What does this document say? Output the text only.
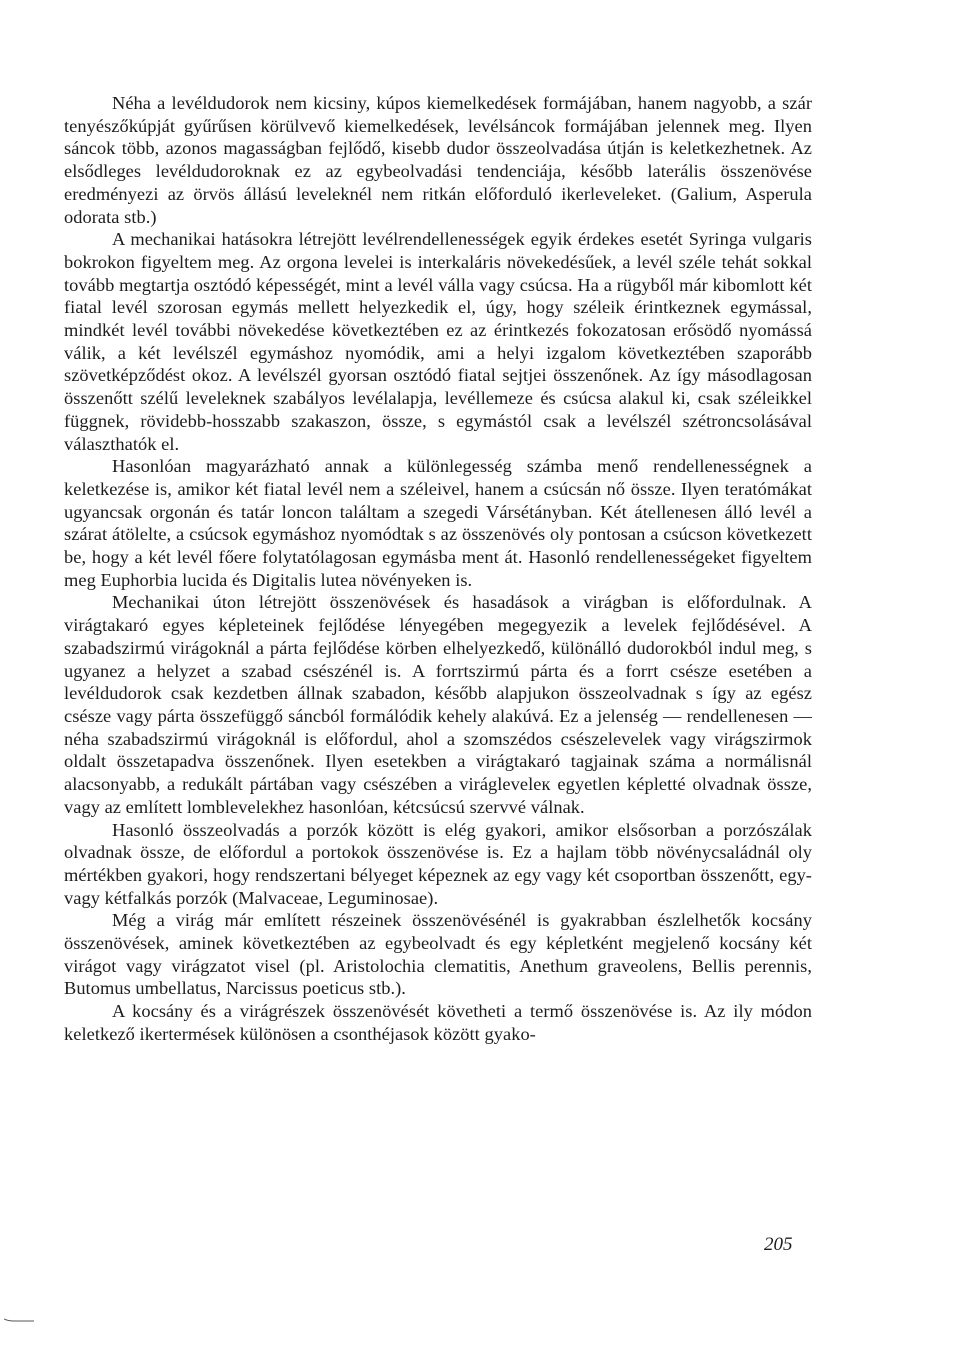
Néha a levéldudorok nem kicsiny, kúpos kiemelkedések formájában, hanem nagyobb, a szár tenyészőkúpját gyűrűsen körülvevő kiemelkedések, levélsáncok formájában jelennek meg. Ilyen sáncok több, azonos magasságban fejlődő, kisebb dudor összeolvadása útján is keletkezhetnek. Az elsődleges levéldudoroknak ez az egybeolvadási tendenciája, később laterális összenövése eredményezi az örvös állású leveleknél nem ritkán előforduló ikerleveleket. (Galium, Asperula odorata stb.)

A mechanikai hatásokra létrejött levélrendellenességek egyik érdekes esetét Syringa vulgaris bokrokon figyeltem meg. Az orgona levelei is interkaláris növekedésűek, a levél széle tehát sokkal tovább megtartja osztódó képességét, mint a levél válla vagy csúcsa. Ha a rügyből már kibomlott két fiatal levél szorosan egymás mellett helyezkedik el, úgy, hogy széleik érintkeznek egymással, mindkét levél további növekedése következtében ez az érintkezés fokozatosan erősödő nyomássá válik, a két levélszél egymáshoz nyomódik, ami a helyi izgalom következtében szaporább szövetképződést okoz. A levélszél gyorsan osztódó fiatal sejtjei összenőnek. Az így másodlagosan összenőtt szélű leveleknek szabályos levélalapja, levéllemeze és csúcsa alakul ki, csak széleikkel függnek, rövidebb-hosszabb szakaszon, össze, s egymástól csak a levélszél szétroncsolásával választhatók el.

Hasonlóan magyarázható annak a különlegesség számba menő rendellenességnek a keletkezése is, amikor két fiatal levél nem a széleivel, hanem a csúcsán nő össze. Ilyen teratómákat ugyancsak orgonán és tatár loncon találtam a szegedi Vársétányban. Két átellenesen álló levél a szárat átölelte, a csúcsok egymáshoz nyomódtak s az összenövés oly pontosan a csúcson következett be, hogy a két levél főere folytatólagosan egymásba ment át. Hasonló rendellenességeket figyeltem meg Euphorbia lucida és Digitalis lutea növényeken is.

Mechanikai úton létrejött összenövések és hasadások a virágban is előfordulnak. A virágtakaró egyes képleteinek fejlődése lényegében megegyezik a levelek fejlődésével. A szabadszirmú virágoknál a párta fejlődése körben elhelyezkedő, különálló dudorokból indul meg, s ugyanez a helyzet a szabad csészénél is. A forrtszirmú párta és a forrt csésze esetében a levéldudorok csak kezdetben állnak szabadon, később alapjukon összeolvadnak s így az egész csésze vagy párta összefüggő sáncból formálódik kehely alakúvá. Ez a jelenség — rendellenesen — néha szabadszirmú virágoknál is előfordul, ahol a szomszédos csészelevelek vagy virágszirmok oldalt összetapadva összenőnek. Ilyen esetekben a virágtakaró tagjainak száma a normálisnál alacsonyabb, a redukált pártában vagy csészében a virágleveleк egyetlen képletté olvadnak össze, vagy az említett lomblevelekhez hasonlóan, kétcsúcsú szervvé válnak.

Hasonló összeolvadás a porzók között is elég gyakori, amikor elsősorban a porzószálak olvadnak össze, de előfordul a portokok összenövése is. Ez a hajlam több növénycsaládnál oly mértékben gyakori, hogy rendszertani bélyeget képeznek az egy vagy két csoportban összenőtt, egy- vagy kétfalkás porzók (Malvaceae, Leguminosae).

Még a virág már említett részeinek összenövésénél is gyakrabban észlelhetők kocsány összenövések, aminek következtében az egybeolvadt és egy képletként megjelenő kocsány két virágot vagy virágzatot visel (pl. Aristolochia clematitis, Anethum graveolens, Bellis perennis, Butomus umbellatus, Narcissus poeticus stb.).

A kocsány és a virágrészek összenövését követheti a termő összenövése is. Az ily módon keletkező ikertermések különösen a csonthéjasok között gyako-

205
